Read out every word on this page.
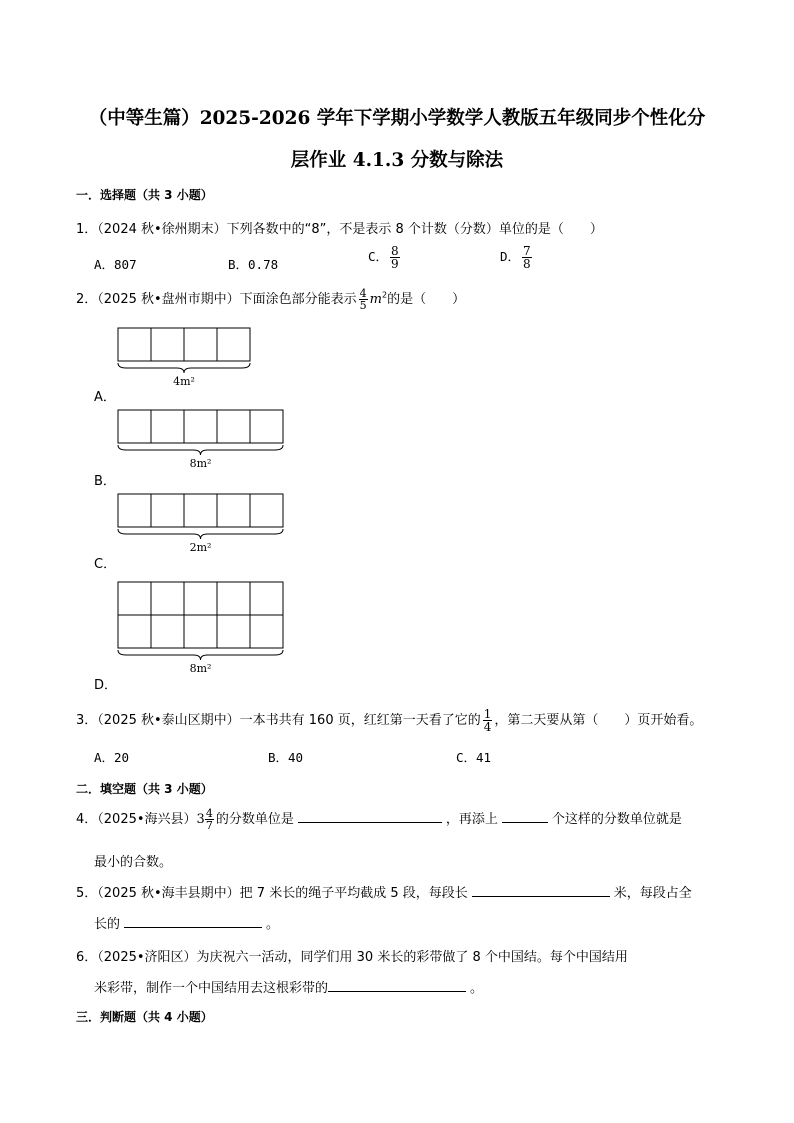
（中等生篇）2025-2026 学年下学期小学数学人教版五年级同步个性化分
层作业 4.1.3 分数与除法
一．选择题（共 3 小题）
1．（2024 秋•徐州期末）下列各数中的“8”，不是表示 8 个计数（分数）单位的是（　　）
A．807	B．0.78
C． $\frac{8}{9}$	D． $\frac{7}{8}$
2．（2025 秋•盘州市期中）下面涂色部分能表示 $\frac{4}{5} m^2$的是（　　）
4m²
8m²
2m²
8m²
A．
B．
C．
D．
3．（2025 秋•泰山区期中）一本书共有 160 页，红红第一天看了它的 $\frac{1}{4}$ ，第二天要从第（　　）页开始看。
A．20	B．40	C．41
二．填空题（共 3 小题）
4．（2025•海兴县）$3 \frac{4}{7}$ 的分数单位是	，再添上	个这样的分数单位就是
最小的合数。
5．（2025 秋•海丰县期中）把 7 米长的绳子平均截成 5 段，每段长	米，每段占全
长的	。
6．（2025•济阳区）为庆祝六一活动，同学们用 30 米长的彩带做了 8 个中国结。每个中国结用
米彩带，制作一个中国结用去这根彩带的	。
三．判断题（共 4 小题）
